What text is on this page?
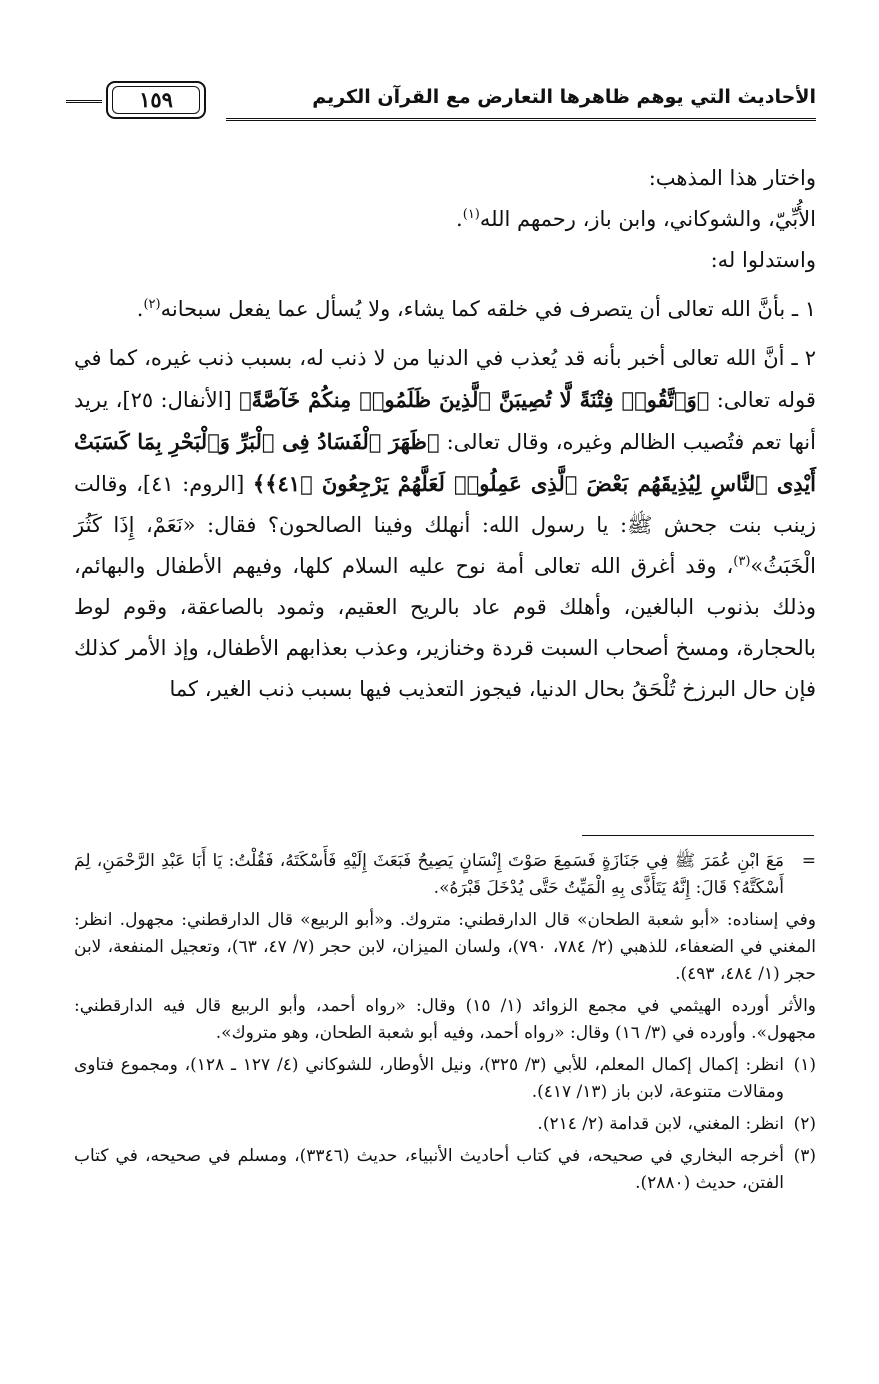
الأحاديث التي يوهم ظاهرها التعارض مع القرآن الكريم
١٥٩

واختار هذا المذهب:

الأُبِّيّ، والشوكاني، وابن باز، رحمهم الله$^{(١)}$.

واستدلوا له:

١ ـ بأنَّ الله تعالى أن يتصرف في خلقه كما يشاء، ولا يُسأل عما يفعل سبحانه$^{(٢)}$.

٢ ـ أنَّ الله تعالى أخبر بأنه قد يُعذب في الدنيا من لا ذنب له، بسبب ذنب غيره، كما في قوله تعالى: ﴿وَٱتَّقُوا۟ فِتْنَةً لَّا تُصِيبَنَّ ٱلَّذِينَ ظَلَمُوا۟ مِنكُمْ خَآصَّةً﴾ [الأنفال: ٢٥]، يريد أنها تعم فتُصيب الظالم وغيره، وقال تعالى: ﴿ظَهَرَ ٱلْفَسَادُ فِى ٱلْبَرِّ وَٱلْبَحْرِ بِمَا كَسَبَتْ أَيْدِى ٱلنَّاسِ لِيُذِيقَهُم بَعْضَ ٱلَّذِى عَمِلُوا۟ لَعَلَّهُمْ يَرْجِعُونَ ﴿٤١﴾﴾ [الروم: ٤١]، وقالت زينب بنت جحش ﷺ: يا رسول الله: أنهلك وفينا الصالحون؟ فقال: «نَعَمْ، إِذَا كَثُرَ الْخَبَثُ»$^{(٣)}$، وقد أغرق الله تعالى أمة نوح عليه السلام كلها، وفيهم الأطفال والبهائم، وذلك بذنوب البالغين، وأهلك قوم عاد بالريح العقيم، وثمود بالصاعقة، وقوم لوط بالحجارة، ومسخ أصحاب السبت قردة وخنازير، وعذب بعذابهم الأطفال، وإذ الأمر كذلك فإن حال البرزخ تُلْحَقُ بحال الدنيا، فيجوز التعذيب فيها بسبب ذنب الغير، كما

=
مَعَ ابْنِ عُمَرَ ﷺ فِي جَنَازَةٍ فَسَمِعَ صَوْتَ إِنْسَانٍ يَصِيحُ فَبَعَثَ إِلَيْهِ فَأَسْكَتَهُ، فَقُلْتُ: يَا أَبَا عَبْدِ الرَّحْمَنِ، لِمَ أَسْكَتَّهُ؟ قَالَ: إِنَّهُ يَتَأَذَّى بِهِ الْمَيِّتُ حَتَّى يُدْخَلَ قَبْرَهُ».

وفي إسناده: «أبو شعبة الطحان» قال الدارقطني: متروك. و«أبو الربيع» قال الدارقطني: مجهول. انظر: المغني في الضعفاء، للذهبي (٢/ ٧٨٤، ٧٩٠)، ولسان الميزان، لابن حجر (٧/ ٤٧، ٦٣)، وتعجيل المنفعة، لابن حجر (١/ ٤٨٤، ٤٩٣).

والأثر أورده الهيثمي في مجمع الزوائد (١/ ١٥) وقال: «رواه أحمد، وأبو الربيع قال فيه الدارقطني: مجهول». وأورده في (٣/ ١٦) وقال: «رواه أحمد، وفيه أبو شعبة الطحان، وهو متروك».

(١)
انظر: إكمال إكمال المعلم، للأبي (٣/ ٣٢٥)، ونيل الأوطار، للشوكاني (٤/ ١٢٧ ـ ١٢٨)، ومجموع فتاوى ومقالات متنوعة، لابن باز (١٣/ ٤١٧).

(٢)
انظر: المغني، لابن قدامة (٢/ ٢١٤).

(٣)
أخرجه البخاري في صحيحه، في كتاب أحاديث الأنبياء، حديث (٣٣٤٦)، ومسلم في صحيحه، في كتاب الفتن، حديث (٢٨٨٠).
